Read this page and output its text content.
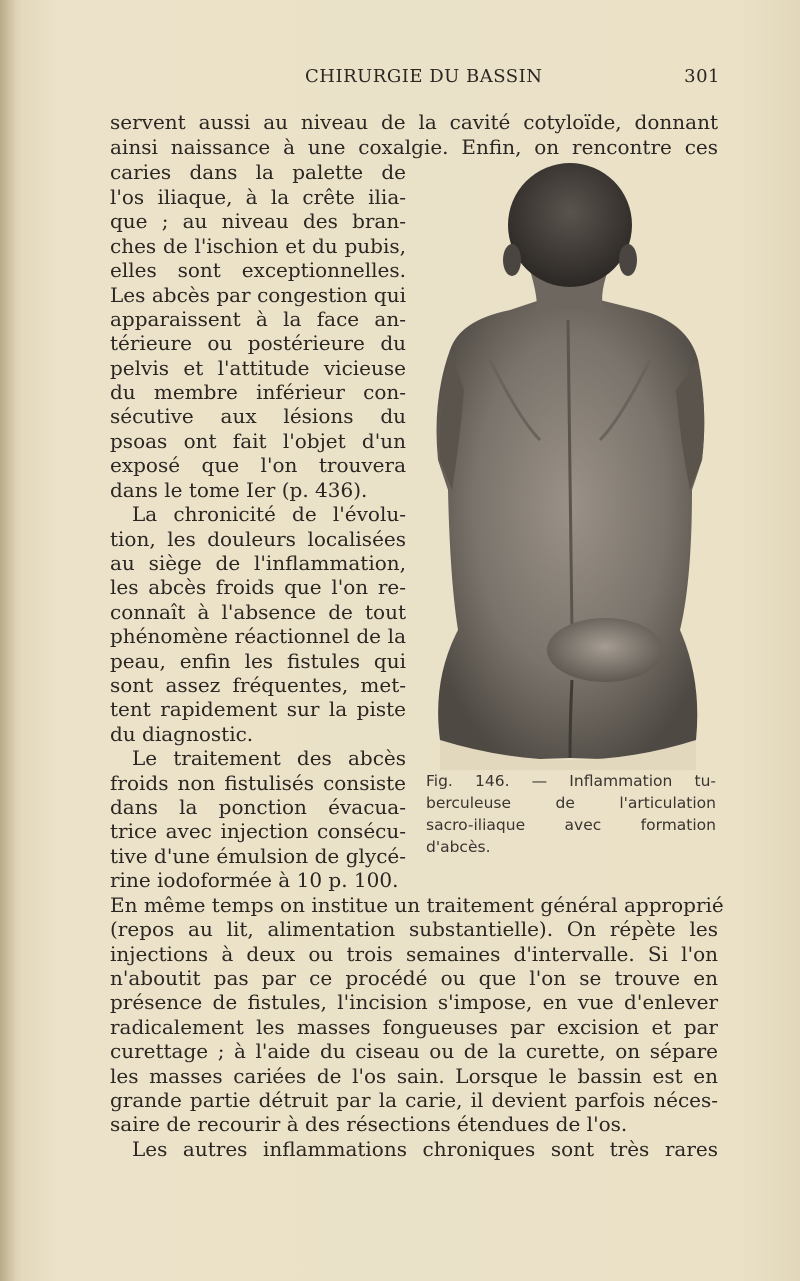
CHIRURGIE DU BASSIN	301
servent aussi au niveau de la cavité cotyloïde, donnant
ainsi naissance à une coxalgie. Enfin, on rencontre ces
caries dans la palette de
l'os iliaque, à la crête ilia-
que ; au niveau des bran-
ches de l'ischion et du pubis,
elles sont exceptionnelles.
Les abcès par congestion qui
apparaissent à la face an-
térieure ou postérieure du
pelvis et l'attitude vicieuse
du membre inférieur con-
sécutive aux lésions du
psoas ont fait l'objet d'un
exposé que l'on trouvera
dans le tome Ier (p. 436).
La chronicité de l'évolu-
tion, les douleurs localisées
au siège de l'inflammation,
les abcès froids que l'on re-
connaît à l'absence de tout
phénomène réactionnel de la
peau, enfin les fistules qui
sont assez fréquentes, met-
tent rapidement sur la piste
du diagnostic.
Le traitement des abcès
froids non fistulisés consiste
dans la ponction évacua-
trice avec injection consécu-
tive d'une émulsion de glycé-
rine iodoformée à 10 p. 100.
En même temps on institue un traitement général approprié
(repos au lit, alimentation substantielle). On répète les
injections à deux ou trois semaines d'intervalle. Si l'on
n'aboutit pas par ce procédé ou que l'on se trouve en
présence de fistules, l'incision s'impose, en vue d'enlever
radicalement les masses fongueuses par excision et par
curettage ; à l'aide du ciseau ou de la curette, on sépare
les masses cariées de l'os sain. Lorsque le bassin est en
grande partie détruit par la carie, il devient parfois néces-
saire de recourir à des résections étendues de l'os.
Les autres inflammations chroniques sont très rares
Fig. 146. — Inflammation tu-
berculeuse de l'articulation
sacro-iliaque avec formation
d'abcès.
